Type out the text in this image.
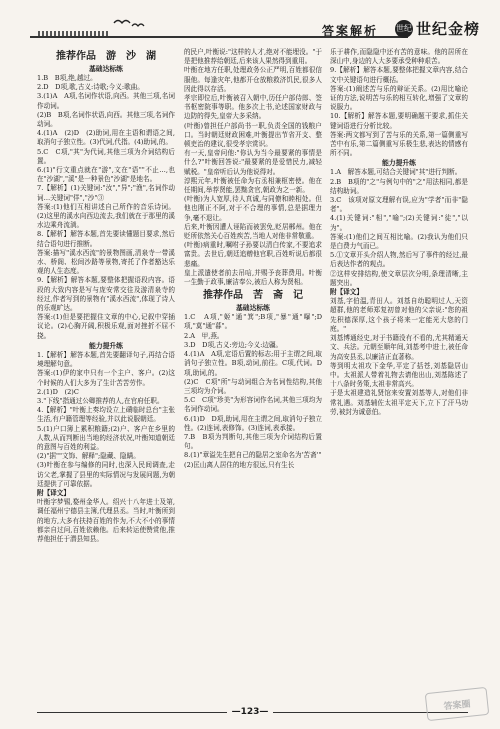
答案解析 世纪 世纪金榜
推荐作品　游　沙　湖

基础达标练

1.B　B项,绝,越过。

2.D　D项,歌,古义:诗歌;今义:歌曲。

3.(1)A　A项,名词作状语,向西。其他三项,名词作动词。

(2)B　B项,名词作状语,向西。其他三项,名词作动词。

4.(1)A　(2)D　(2)助词,用在主语和谓语之间,取消句子独立性。(3)代词,代指。(4)助词,的。

5.C　C项,"其"为代词,其他三项为介词结构后置。

6.(1)"行文重点就在"游",文在"语""不止…,也在"沙湖","溪"是一种景色"沙湖"是地名。

7.【解析】(1)关键词:"汝","异";"渔",名词作动词…关键词"佯","沙"③

答案:(1)他们互相讲述自己所作的音乐诗词。(2)这里的溪水向西边流去,我们就在于那里的溪水边乘舟流淌。

8.【解析】解答本题,首先要读懂题目要求,然后结合语句进行推断。

答案:描写"溪水西流"的景物图画,清泉寺一带溪水、桥阁、松间沙路等景物,寄托了作者豁达乐观的人生态度。

9.【解析】解答本题,要整体把握语段内容。语段的大致内容是写与庞安常交往及游清泉寺的经过,作者写到的景物有"溪水西流",体现了诗人的乐观旷达。

答案:(1)但是要把握住文章的中心,记叙中穿插议论。(2)心胸开阔,积极乐观,面对挫折不屈不挠。

能力提升练

1.【解析】解答本题,首先要翻译句子,再结合语境理解句意。

答案:(1)伊的家中只有一个主户、客户。(2)这个时候的人们大多为了生计苦苦劳作。

2.(1)D　(2)C

3."下线"指通过公卿推荐的人,在官府任职。

4.【解析】"叶衡上奏均设立上磧临时总台"主张生活,有户籍管理等经验,并以此说服朝廷。

5.(1)户口簿上累积粮籍;(2)户、客户在乡里的人数,从而判断出当地的经济状况,叶衡知道朝廷的意图与百姓的利益。

(2)"据""文饰、解释";隐藏、隐瞒。

(3)叶衡在参与编修的同时,也深入民间调查,走访父老,掌握了县里的实际情况与发展问题,为朝廷提供了可靠依据。

附【译文】

叶衡字梦锡,婺州金华人。绍兴十八年进士及第,调任福州宁德县主簿,代理县丞。当时,叶衡所到的地方,大多有扶持百姓的作为,不大不小的事情都亲自过问,百姓依赖他。后来转运使赞赏他,推荐他担任于潜县知县。

的民户,叶衡说:"这样的人才,绝对不能埋没。"于是把他推荐给朝廷,后来该人果然得到重用。

叶衡在地方任职,处理政务公正严明,百姓都很信服他。每逢灾年,他都开仓放粮救济饥民,很多人因此得以存活。

孝宗即位后,叶衡被召入朝中,历任户部侍郎、签书枢密院事等职。他多次上书,论述国家财政与边防的得失,皇帝大多采纳。

(叶衡)曾担任户部尚书一职,负责全国的钱粮户口。当时朝廷财政困难,叶衡提出节省开支、整顿吏治的建议,很受孝宗赏识。

有一天,皇帝问他:"你认为当今最要紧的事情是什么?"叶衡回答说:"最要紧的是爱惜民力,减轻赋税。"皇帝听后认为他说得对。

淳熙元年,叶衡被任命为右丞相兼枢密使。他在任期间,举荐贤能,罢黜贪官,朝政为之一新。

(叶衡)为人宽厚,待人真诚,与同僚和睦相处。但他也刚正不阿,对于不合理的事情,总是据理力争,毫不退让。

后来,叶衡因遭人诬陷而被罢免,贬居郴州。他在贬所依然关心百姓疾苦,当地人对他非常敬重。

(叶衡)病重时,嘱咐子孙要以清白传家,不要追求富贵。去世后,朝廷追赠他官职,百姓听说后都很悲痛。

皇上派遣使者前去吊唁,并赐予丧葬费用。叶衡一生勤于政事,廉洁奉公,被后人称为贤相。

推荐作品　苦　斋　记

基础达标练

1.C　A项,"姬"通"箕";B项,"暴"通"曝";D项,"莫"通"暮"。

2.A　甲,燕。

3.D　D项,古义:旁边;今义:边疆。

4.(1)A　A项,定语后置的标志;用于主谓之间,取消句子独立性。B项,动词,前往。C项,代词。D项,助词,的。

(2)C　C项"所"与动词组合为名词性结构,其他三项均为介词。

5.C　C项"珍美"为形容词作名词,其他三项均为名词作动词。

6.(1)D　D项,助词,用在主谓之间,取消句子独立性。(2)连词,表修饰。(3)连词,表承接。

7.B　B项为判断句,其他三项为介词结构后置句。

8.(1)"章溢先生把自己的隐居之室命名为'苦斋'"

(2)匡山离人居住的地方很远,只有生长

乐于耕作,而隐隐中还有苦的意味。他的居所在深山中,身边的人大多要承受种种艰苦。

9.【解析】解答本题,要整体把握文章内容,结合文中关键语句进行概括。

答案:(1)阐述苦与乐的辩证关系。(2)用比喻论证的方法,说明苦与乐的相互转化,增强了文章的说服力。

10.【解析】解答本题,要明确题干要求,抓住关键词语进行分析比较。

答案:两文都写到了苦与乐的关系,第一篇侧重写苦中有乐,第二篇侧重写乐极生悲,表达的情感有所不同。

能力提升练

1.A　解答本题,可结合关键词"其"进行判断。

2.B　B项的"之"与例句中的"之"用法相同,都是结构助词。

3.C　该项对原文理解有误,应为"学者"而非"隐者"。

4.(1)关键词:"相","喻";(2)关键词:"徒","以为"。

答案:(1)他们之间互相比喻。(2)我认为他们只是白费力气而已。

5.①文章开头介绍人物,然后写了事件的经过,最后表达作者的观点。

②这样安排结构,使文章层次分明,条理清晰,主题突出。

附【译文】

刘基,字伯温,青田人。刘基自幼聪明过人,天资超群,他的老师郑复初曾对他的父亲说:"您的祖先积德深厚,这个孩子将来一定能光大您的门庭。"

刘基博通经史,对于书籍没有不看的,尤其精通天文、兵法。元朝至顺年间,刘基考中进士,被任命为高安县丞,以廉洁正直著称。

等到明太祖攻下金华,平定了括苍,刘基隐居山中。太祖派人带着礼物去请他出山,刘基陈述了十八条时务策,太祖非常高兴。

于是太祖建造礼贤馆来安置刘基等人,对他们非常礼遇。刘基辅佐太祖平定天下,立下了汗马功劳,被封为诚意伯。

—123—
答案圈
